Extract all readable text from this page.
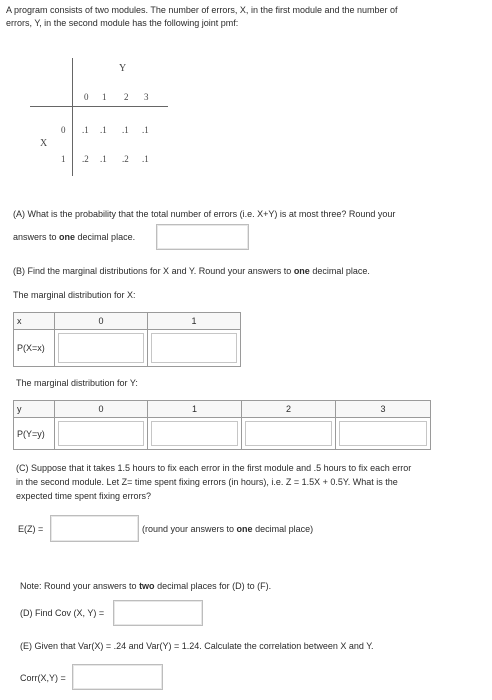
A program consists of two modules. The number of errors, X, in the first module and the number of
errors, Y, in the second module has the following joint pmf:
Y
X
0 1 2 3
0 .1 .1 .1 .1
1 .2 .1 .2 .1
(A) What is the probability that the total number of errors (i.e. X+Y) is at most three? Round your
answers to one decimal place.
(B) Find the marginal distributions for X and Y. Round your answers to one decimal place.
The marginal distribution for X:
x	0	1
P(X=x)
The marginal distribution for Y:
y	0	1	2	3
P(Y=y)
(C) Suppose that it takes 1.5 hours to fix each error in the first module and .5 hours to fix each error
in the second module. Let Z= time spent fixing errors (in hours), i.e. Z = 1.5X + 0.5Y. What is the
expected time spent fixing errors?
E(Z) =	(round your answers to one decimal place)
Note: Round your answers to two decimal places for (D) to (F).
(D) Find Cov (X, Y) =
(E) Given that Var(X) = .24 and Var(Y) = 1.24. Calculate the correlation between X and Y.
Corr(X,Y) =
